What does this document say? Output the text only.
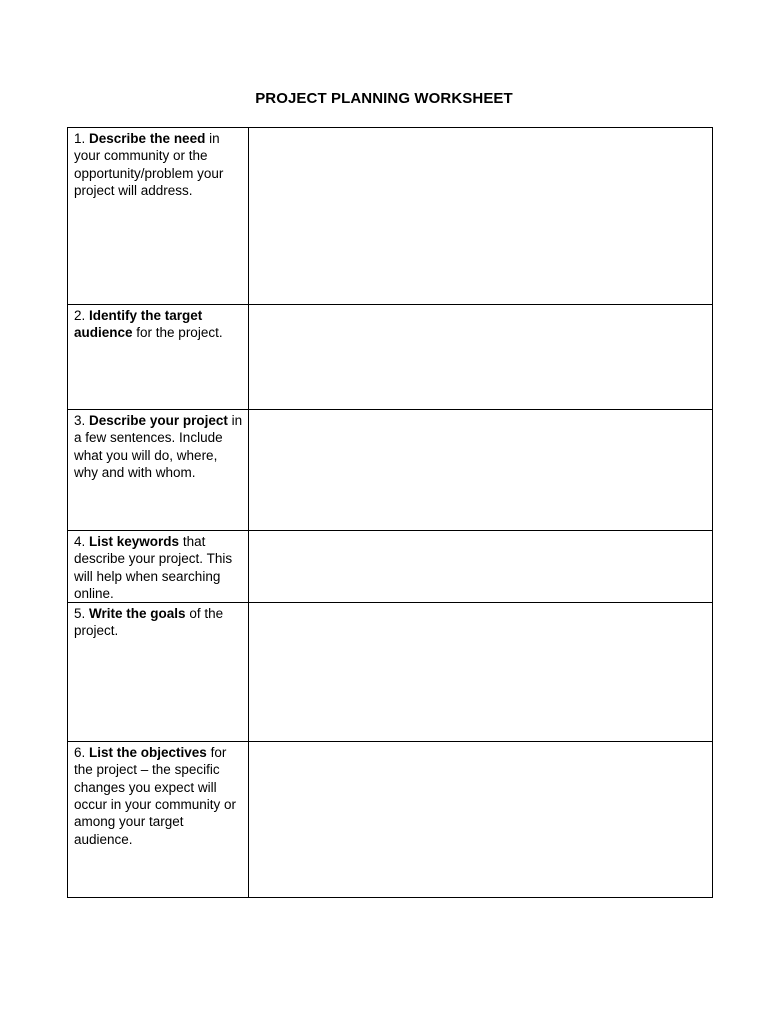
PROJECT PLANNING WORKSHEET
1. Describe the need in your community or the opportunity/problem your project will address.	
2. Identify the target audience for the project.	
3. Describe your project in a few sentences. Include what you will do, where, why and with whom.	
4. List keywords that describe your project. This will help when searching online.	
5. Write the goals of the project.	
6. List the objectives for the project – the specific changes you expect will occur in your community or among your target audience.	
